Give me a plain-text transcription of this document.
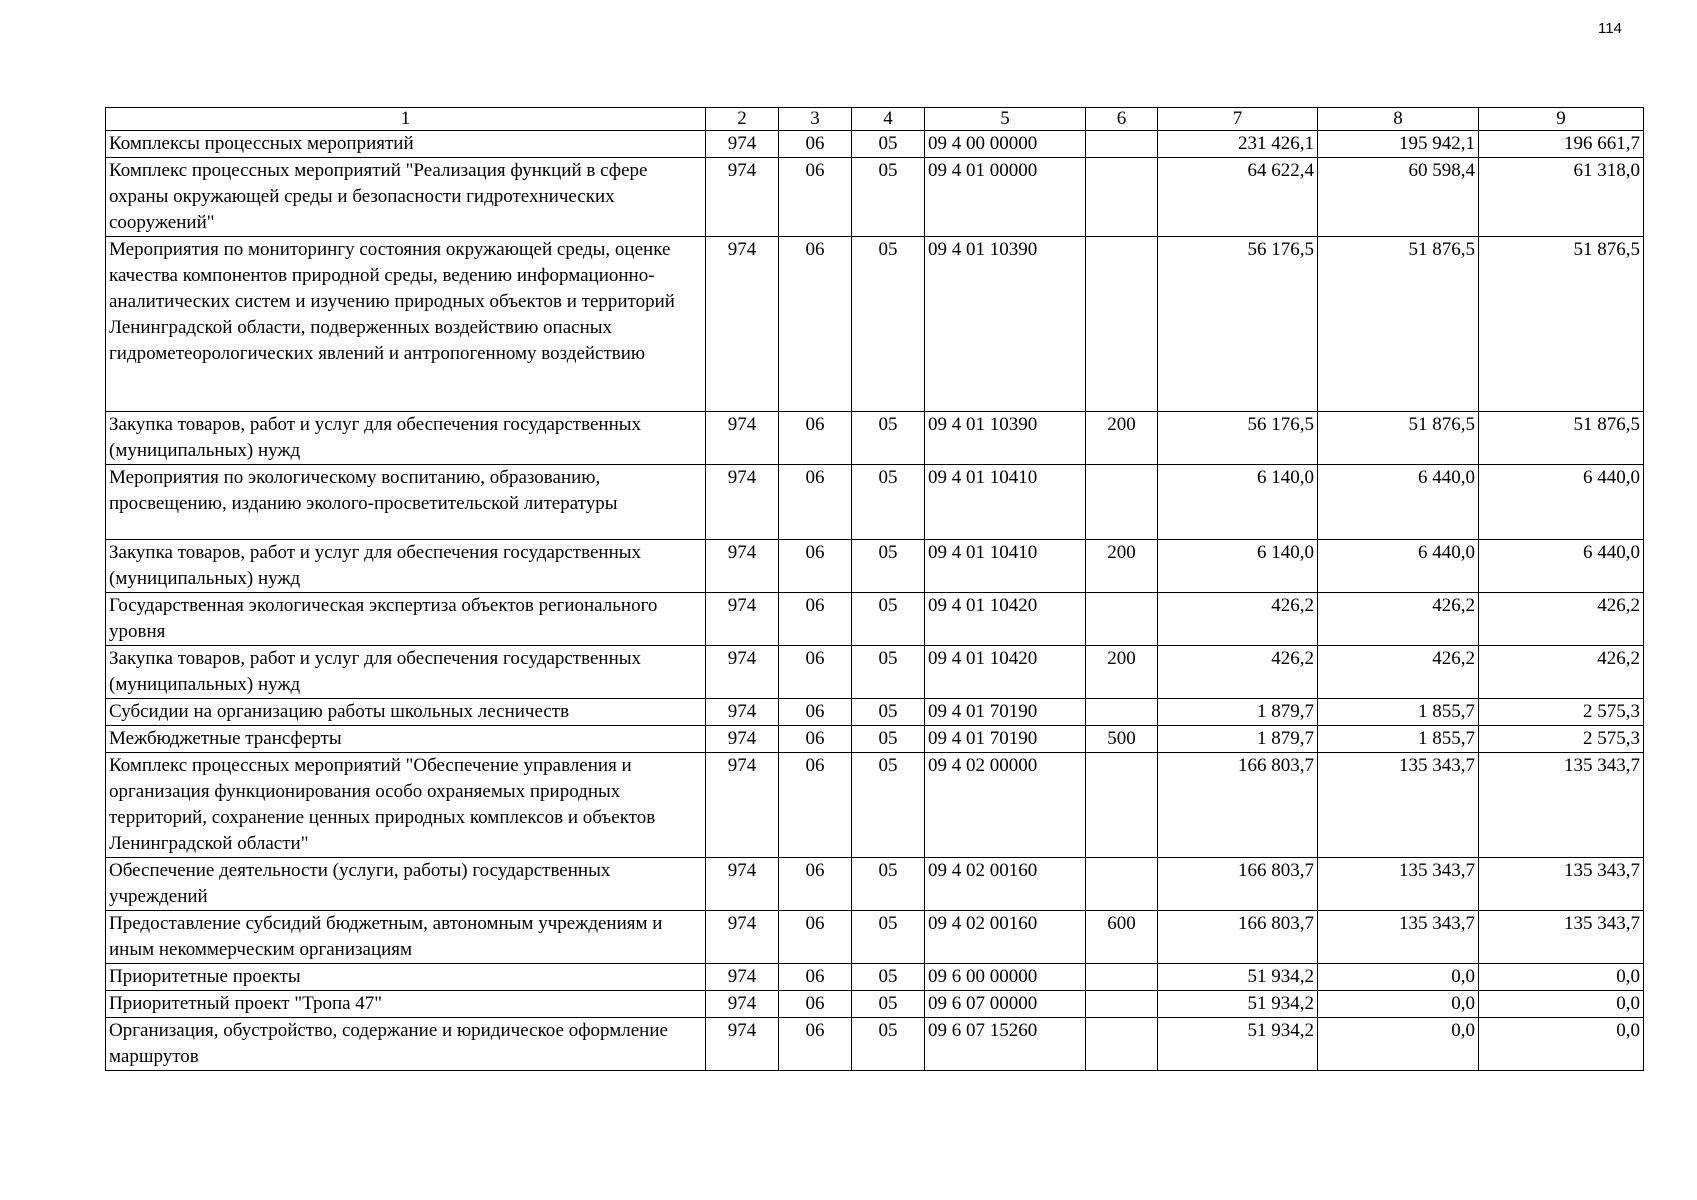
114
1	2	3	4	5	6	7	8	9
Комплексы процессных мероприятий	974	06	05	09 4 00 00000		231 426,1	195 942,1	196 661,7
Комплекс процессных мероприятий "Реализация функций в сфере охраны окружающей среды и безопасности гидротехнических сооружений"	974	06	05	09 4 01 00000		64 622,4	60 598,4	61 318,0
Мероприятия по мониторингу состояния окружающей среды, оценке качества компонентов природной среды, ведению информационно-аналитических систем и изучению природных объектов и территорий Ленинградской области, подверженных воздействию опасных гидрометеорологических явлений и антропогенному воздействию	974	06	05	09 4 01 10390		56 176,5	51 876,5	51 876,5
Закупка товаров, работ и услуг для обеспечения государственных (муниципальных) нужд	974	06	05	09 4 01 10390	200	56 176,5	51 876,5	51 876,5
Мероприятия по экологическому воспитанию, образованию, просвещению, изданию эколого-просветительской литературы	974	06	05	09 4 01 10410		6 140,0	6 440,0	6 440,0
Закупка товаров, работ и услуг для обеспечения государственных (муниципальных) нужд	974	06	05	09 4 01 10410	200	6 140,0	6 440,0	6 440,0
Государственная экологическая экспертиза объектов регионального уровня	974	06	05	09 4 01 10420		426,2	426,2	426,2
Закупка товаров, работ и услуг для обеспечения государственных (муниципальных) нужд	974	06	05	09 4 01 10420	200	426,2	426,2	426,2
Субсидии на организацию работы школьных лесничеств	974	06	05	09 4 01 70190		1 879,7	1 855,7	2 575,3
Межбюджетные трансферты	974	06	05	09 4 01 70190	500	1 879,7	1 855,7	2 575,3
Комплекс процессных мероприятий "Обеспечение управления и организация функционирования особо охраняемых природных территорий, сохранение ценных природных комплексов и объектов Ленинградской области"	974	06	05	09 4 02 00000		166 803,7	135 343,7	135 343,7
Обеспечение деятельности (услуги, работы) государственных учреждений	974	06	05	09 4 02 00160		166 803,7	135 343,7	135 343,7
Предоставление субсидий бюджетным, автономным учреждениям и иным некоммерческим организациям	974	06	05	09 4 02 00160	600	166 803,7	135 343,7	135 343,7
Приоритетные проекты	974	06	05	09 6 00 00000		51 934,2	0,0	0,0
Приоритетный проект "Тропа 47"	974	06	05	09 6 07 00000		51 934,2	0,0	0,0
Организация, обустройство, содержание и юридическое оформление маршрутов	974	06	05	09 6 07 15260		51 934,2	0,0	0,0
